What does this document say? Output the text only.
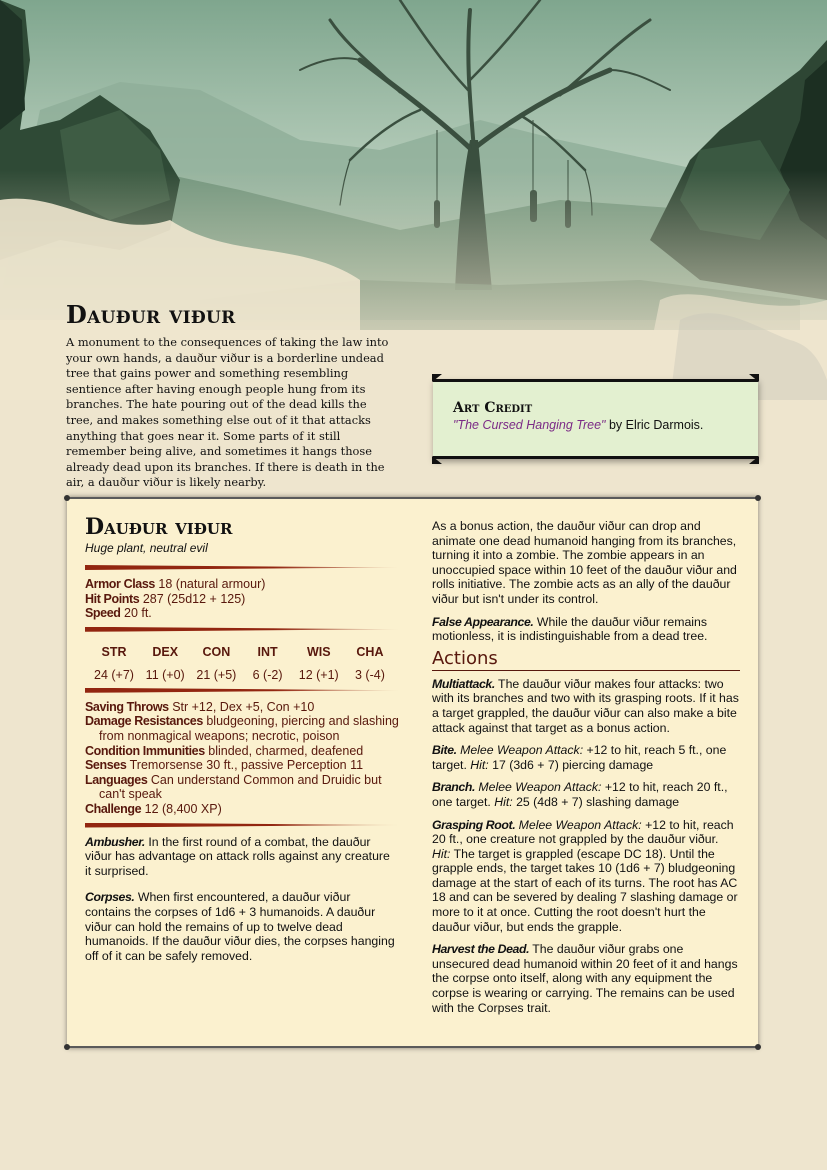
Dauður viður

A monument to the consequences of taking the law into your own hands, a dauður viður is a borderline undead tree that gains power and something resembling sentience after having enough people hung from its branches. The hate pouring out of the dead kills the tree, and makes something else out of it that attacks anything that goes near it. Some parts of it still remember being alive, and sometimes it hangs those already dead upon its branches. If there is death in the air, a dauður viður is likely nearby.

Art Credit

"The Cursed Hanging Tree" by Elric Darmois.

Dauður viður
Huge plant, neutral evil
Armor Class 18 (natural armour)
Hit Points 287 (25d12 + 125)
Speed 20 ft.
STR
24 (+7)
DEX
11 (+0)
CON
21 (+5)
INT
6 (-2)
WIS
12 (+1)
CHA
3 (-4)
Saving Throws Str +12, Dex +5, Con +10
Damage Resistances bludgeoning, piercing and slashing from nonmagical weapons; necrotic, poison
Condition Immunities blinded, charmed, deafened
Senses Tremorsense 30 ft., passive Perception 11
Languages Can understand Common and Druidic but can't speak
Challenge 12 (8,400 XP)

Ambusher. In the first round of a combat, the dauður viður has advantage on attack rolls against any creature it surprised.

Corpses. When first encountered, a dauður viður contains the corpses of 1d6 + 3 humanoids. A dauður viður can hold the remains of up to twelve dead humanoids. If the dauður viður dies, the corpses hanging off of it can be safely removed.

As a bonus action, the dauður viður can drop and animate one dead humanoid hanging from its branches, turning it into a zombie. The zombie appears in an unoccupied space within 10 feet of the dauður viður and rolls initiative. The zombie acts as an ally of the dauður viður but isn't under its control.

False Appearance. While the dauður viður remains motionless, it is indistinguishable from a dead tree.

Actions

Multiattack. The dauður viður makes four attacks: two with its branches and two with its grasping roots. If it has a target grappled, the dauður viður can also make a bite attack against that target as a bonus action.

Bite. Melee Weapon Attack: +12 to hit, reach 5 ft., one target. Hit: 17 (3d6 + 7) piercing damage

Branch. Melee Weapon Attack: +12 to hit, reach 20 ft., one target. Hit: 25 (4d8 + 7) slashing damage

Grasping Root. Melee Weapon Attack: +12 to hit, reach 20 ft., one creature not grappled by the dauður viður. Hit: The target is grappled (escape DC 18). Until the grapple ends, the target takes 10 (1d6 + 7) bludgeoning damage at the start of each of its turns. The root has AC 18 and can be severed by dealing 7 slashing damage or more to it at once. Cutting the root doesn't hurt the dauður viður, but ends the grapple.

Harvest the Dead. The dauður viður grabs one unsecured dead humanoid within 20 feet of it and hangs the corpse onto itself, along with any equipment the corpse is wearing or carrying. The remains can be used with the Corpses trait.
